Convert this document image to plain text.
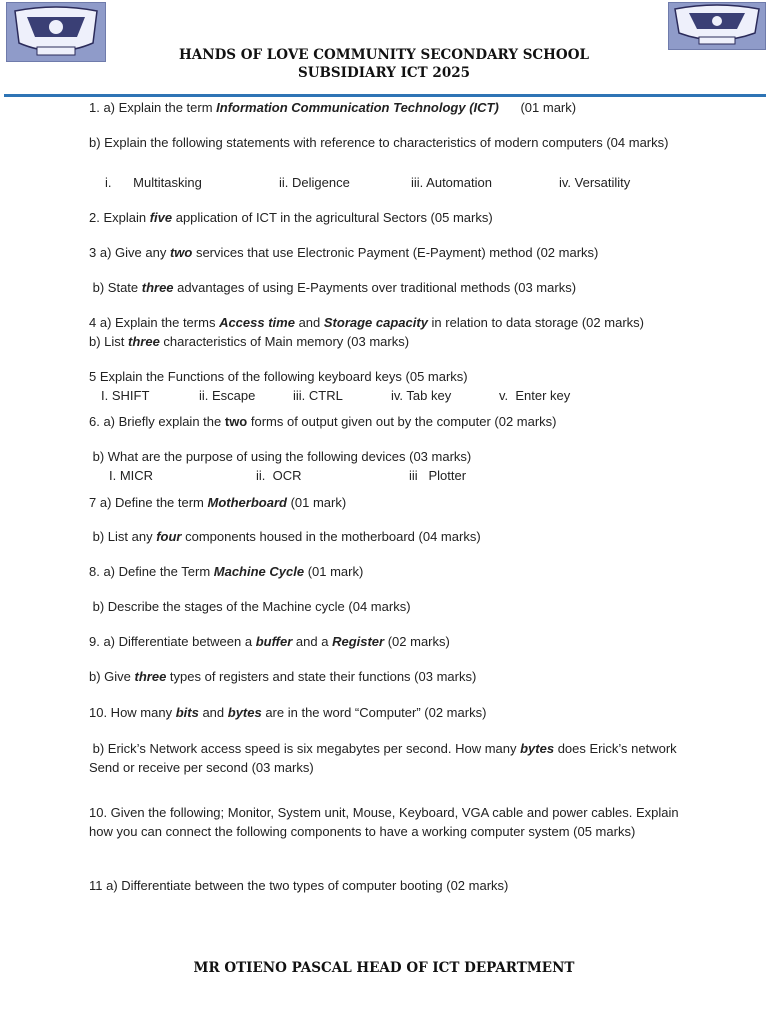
HANDS OF LOVE COMMUNITY SECONDARY SCHOOL
SUBSIDIARY ICT 2025
1. a) Explain the term Information Communication Technology (ICT)      (01 mark)
b) Explain the following statements with reference to characteristics of modern computers (04 marks)
i.      Multitasking	ii. Deligence	iii. Automation	iv. Versatility
2. Explain five application of ICT in the agricultural Sectors (05 marks)
3 a) Give any two services that use Electronic Payment (E-Payment) method (02 marks)
b) State three advantages of using E-Payments over traditional methods (03 marks)
4 a) Explain the terms Access time and Storage capacity in relation to data storage (02 marks)
b) List three characteristics of Main memory (03 marks)
5 Explain the Functions of the following keyboard keys (05 marks)
I. SHIFT	ii. Escape	iii. CTRL	iv. Tab key	v.  Enter key
6. a) Briefly explain the two forms of output given out by the computer (02 marks)
b) What are the purpose of using the following devices (03 marks)
I. MICR	ii.  OCR	iii   Plotter
7 a) Define the term Motherboard (01 mark)
b) List any four components housed in the motherboard (04 marks)
8. a) Define the Term Machine Cycle (01 mark)
b) Describe the stages of the Machine cycle (04 marks)
9. a) Differentiate between a buffer and a Register (02 marks)
b) Give three types of registers and state their functions (03 marks)
10. How many bits and bytes are in the word “Computer” (02 marks)
b) Erick’s Network access speed is six megabytes per second. How many bytes does Erick’s network Send or receive per second (03 marks)
10. Given the following; Monitor, System unit, Mouse, Keyboard, VGA cable and power cables. Explain how you can connect the following components to have a working computer system (05 marks)
11 a) Differentiate between the two types of computer booting (02 marks)
MR OTIENO PASCAL HEAD OF ICT DEPARTMENT
